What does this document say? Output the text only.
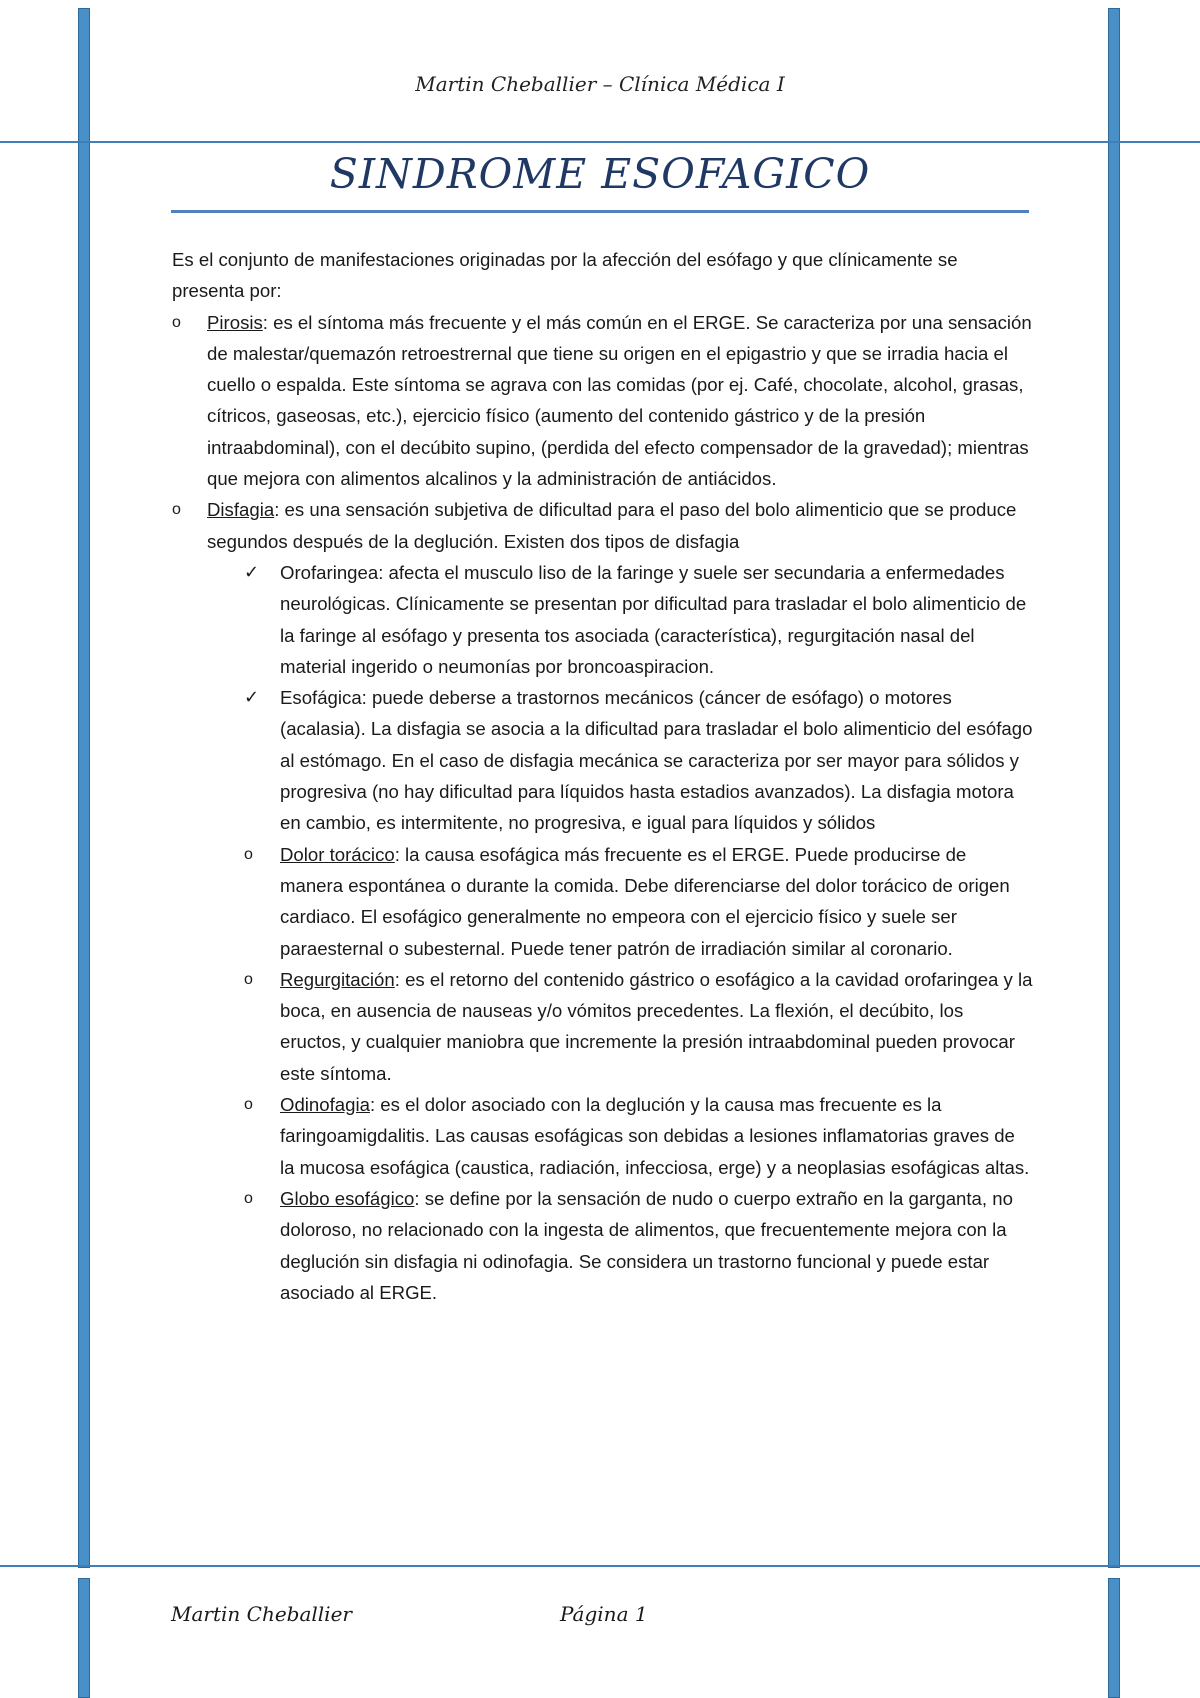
Martin Cheballier – Clínica Médica I
SINDROME ESOFAGICO

Es el conjunto de manifestaciones originadas por la afección del esófago y que clínicamente se presenta por:

o Pirosis: es el síntoma más frecuente y el más común en el ERGE. Se caracteriza por una sensación de malestar/quemazón retroestrernal que tiene su origen en el epigastrio y que se irradia hacia el cuello o espalda. Este síntoma se agrava con las comidas (por ej. Café, chocolate, alcohol, grasas, cítricos, gaseosas, etc.), ejercicio físico (aumento del contenido gástrico y de la presión intraabdominal), con el decúbito supino, (perdida del efecto compensador de la gravedad); mientras que mejora con alimentos alcalinos y la administración de antiácidos.
o Disfagia: es una sensación subjetiva de dificultad para el paso del bolo alimenticio que se produce segundos después de la deglución. Existen dos tipos de disfagia
✓ Orofaringea: afecta el musculo liso de la faringe y suele ser secundaria a enfermedades neurológicas. Clínicamente se presentan por dificultad para trasladar el bolo alimenticio de la faringe al esófago y presenta tos asociada (característica), regurgitación nasal del material ingerido o neumonías por broncoaspiracion.
✓ Esofágica: puede deberse a trastornos mecánicos (cáncer de esófago) o motores (acalasia). La disfagia se asocia a la dificultad para trasladar el bolo alimenticio del esófago al estómago. En el caso de disfagia mecánica se caracteriza por ser mayor para sólidos y progresiva (no hay dificultad para líquidos hasta estadios avanzados). La disfagia motora en cambio, es intermitente, no progresiva, e igual para líquidos y sólidos
o Dolor torácico: la causa esofágica más frecuente es el ERGE. Puede producirse de manera espontánea o durante la comida. Debe diferenciarse del dolor torácico de origen cardiaco. El esofágico generalmente no empeora con el ejercicio físico y suele ser paraesternal o subesternal. Puede tener patrón de irradiación similar al coronario.
o Regurgitación: es el retorno del contenido gástrico o esofágico a la cavidad orofaringea y la boca, en ausencia de nauseas y/o vómitos precedentes. La flexión, el decúbito, los eructos, y cualquier maniobra que incremente la presión intraabdominal pueden provocar este síntoma.
o Odinofagia: es el dolor asociado con la deglución y la causa mas frecuente es la faringoamigdalitis. Las causas esofágicas son debidas a lesiones inflamatorias graves de la mucosa esofágica (caustica, radiación, infecciosa, erge) y a neoplasias esofágicas altas.
o Globo esofágico: se define por la sensación de nudo o cuerpo extraño en la garganta, no doloroso, no relacionado con la ingesta de alimentos, que frecuentemente mejora con la deglución sin disfagia ni odinofagia. Se considera un trastorno funcional y puede estar asociado al ERGE.
Martin Cheballier	Página 1
